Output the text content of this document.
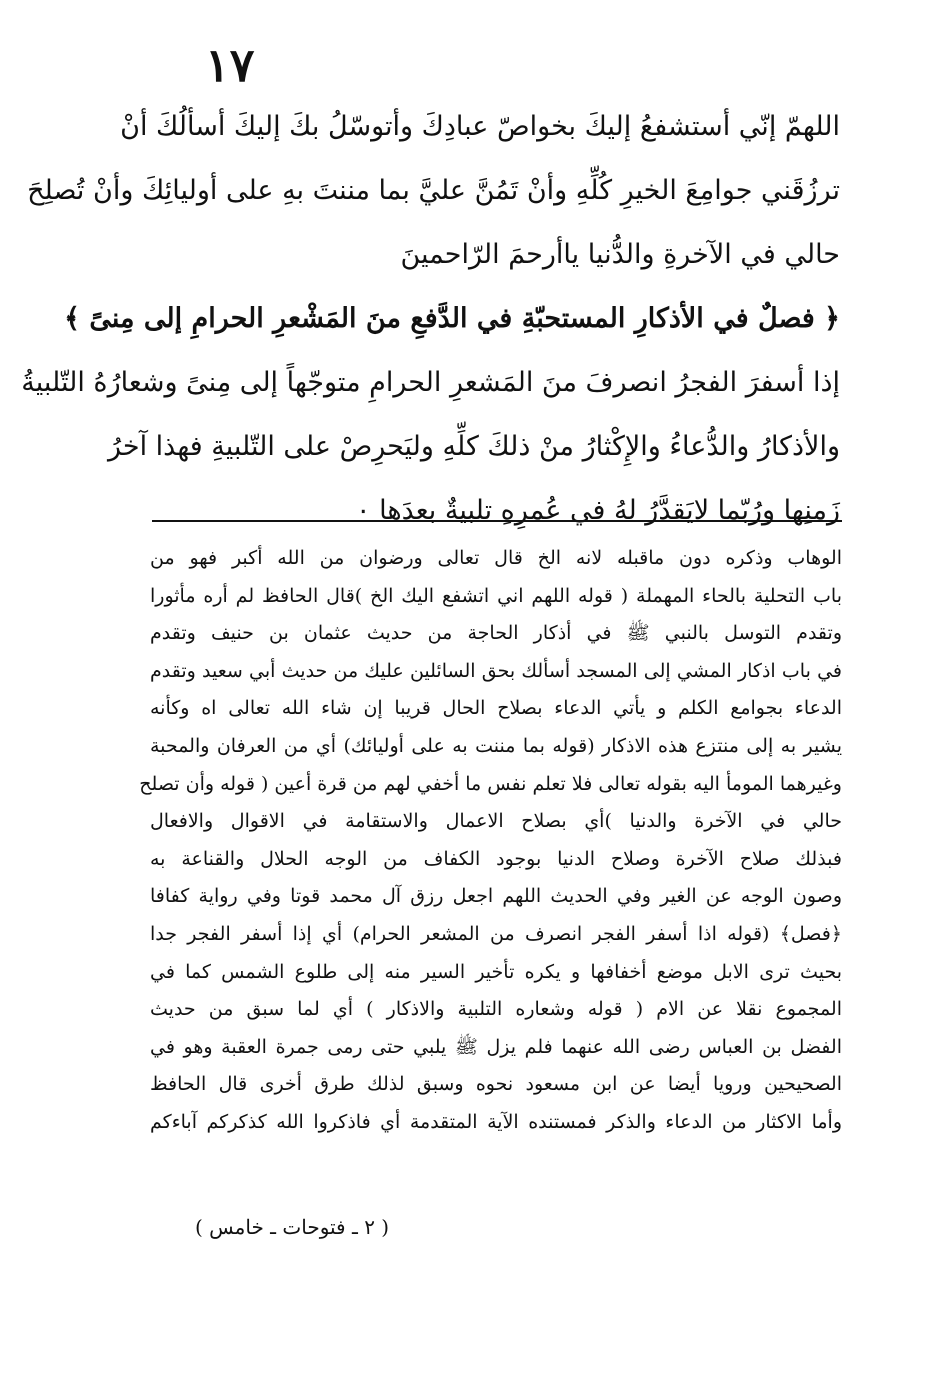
١٧
اللهمّ إنّي أستشفعُ إليكَ بخواصّ عبادِكَ وأتوسّلُ بكَ إليكَ أسألُكَ أنْ
ترزُقَني جوامِعَ الخيرِ كُلِّهِ وأنْ تَمُنَّ عليَّ بما مننتَ بهِ على أوليائِكَ وأنْ تُصلِحَ
حالي في الآخرةِ والدُّنيا ياأرحمَ الرّاحمينَ
﴿ فصلٌ في الأذكارِ المستحبّةِ في الدَّفعِ منَ المَشْعرِ الحرامِ إلى مِنىً ﴾
إذا أسفرَ الفجرُ انصرفَ منَ المَشعرِ الحرامِ متوجّهاً إلى مِنىً وشعارُهُ التّلبيةُ
والأذكارُ والدُّعاءُ والإِكْثارُ منْ ذلكَ كلِّهِ وليَحرِصْ على التّلبيةِ فهذا آخرُ
زَمنِها ورُبّما لايَقدَّرُ لهُ في عُمرِهِ تلبيةٌ بعدَها ٠
الوهاب وذكره دون ماقبله لانه الخ قال تعالى ورضوان من الله أكبر فهو من
باب التحلية بالحاء المهملة ( قوله اللهم اني اتشفع اليك الخ )قال الحافظ لم أره مأثورا
وتقدم التوسل بالنبي ﷺ في أذكار الحاجة من حديث عثمان بن حنيف وتقدم
في باب اذكار المشي إلى المسجد أسألك بحق السائلين عليك من حديث أبي سعيد وتقدم
الدعاء بجوامع الكلم و يأتي الدعاء بصلاح الحال قريبا إن شاء الله تعالى اه وكأنه
يشير به إلى منتزع هذه الاذكار (قوله بما مننت به على أوليائك) أي من العرفان والمحبة
وغيرهما المومأ اليه بقوله تعالى فلا تعلم نفس ما أخفي لهم من قرة أعين ( قوله وأن تصلح
حالي في الآخرة والدنيا )أي بصلاح الاعمال والاستقامة في الاقوال والافعال
فبذلك صلاح الآخرة وصلاح الدنيا بوجود الكفاف من الوجه الحلال والقناعة به
وصون الوجه عن الغير وفي الحديث اللهم اجعل رزق آل محمد قوتا وفي رواية كفافا
﴿فصل﴾ (قوله اذا أسفر الفجر انصرف من المشعر الحرام) أي إذا أسفر الفجر جدا
بحيث ترى الابل موضع أخفافها و يكره تأخير السير منه إلى طلوع الشمس كما في
المجموع نقلا عن الام ( قوله وشعاره التلبية والاذكار ) أي لما سبق من حديث
الفضل بن العباس رضى الله عنهما فلم يزل ﷺ يلبي حتى رمى جمرة العقبة وهو في
الصحيحين ورويا أيضا عن ابن مسعود نحوه وسبق لذلك طرق أخرى قال الحافظ
وأما الاكثار من الدعاء والذكر فمستنده الآية المتقدمة أي فاذكروا الله كذكركم آباءكم
( ٢ ـ فتوحات ـ خامس )
